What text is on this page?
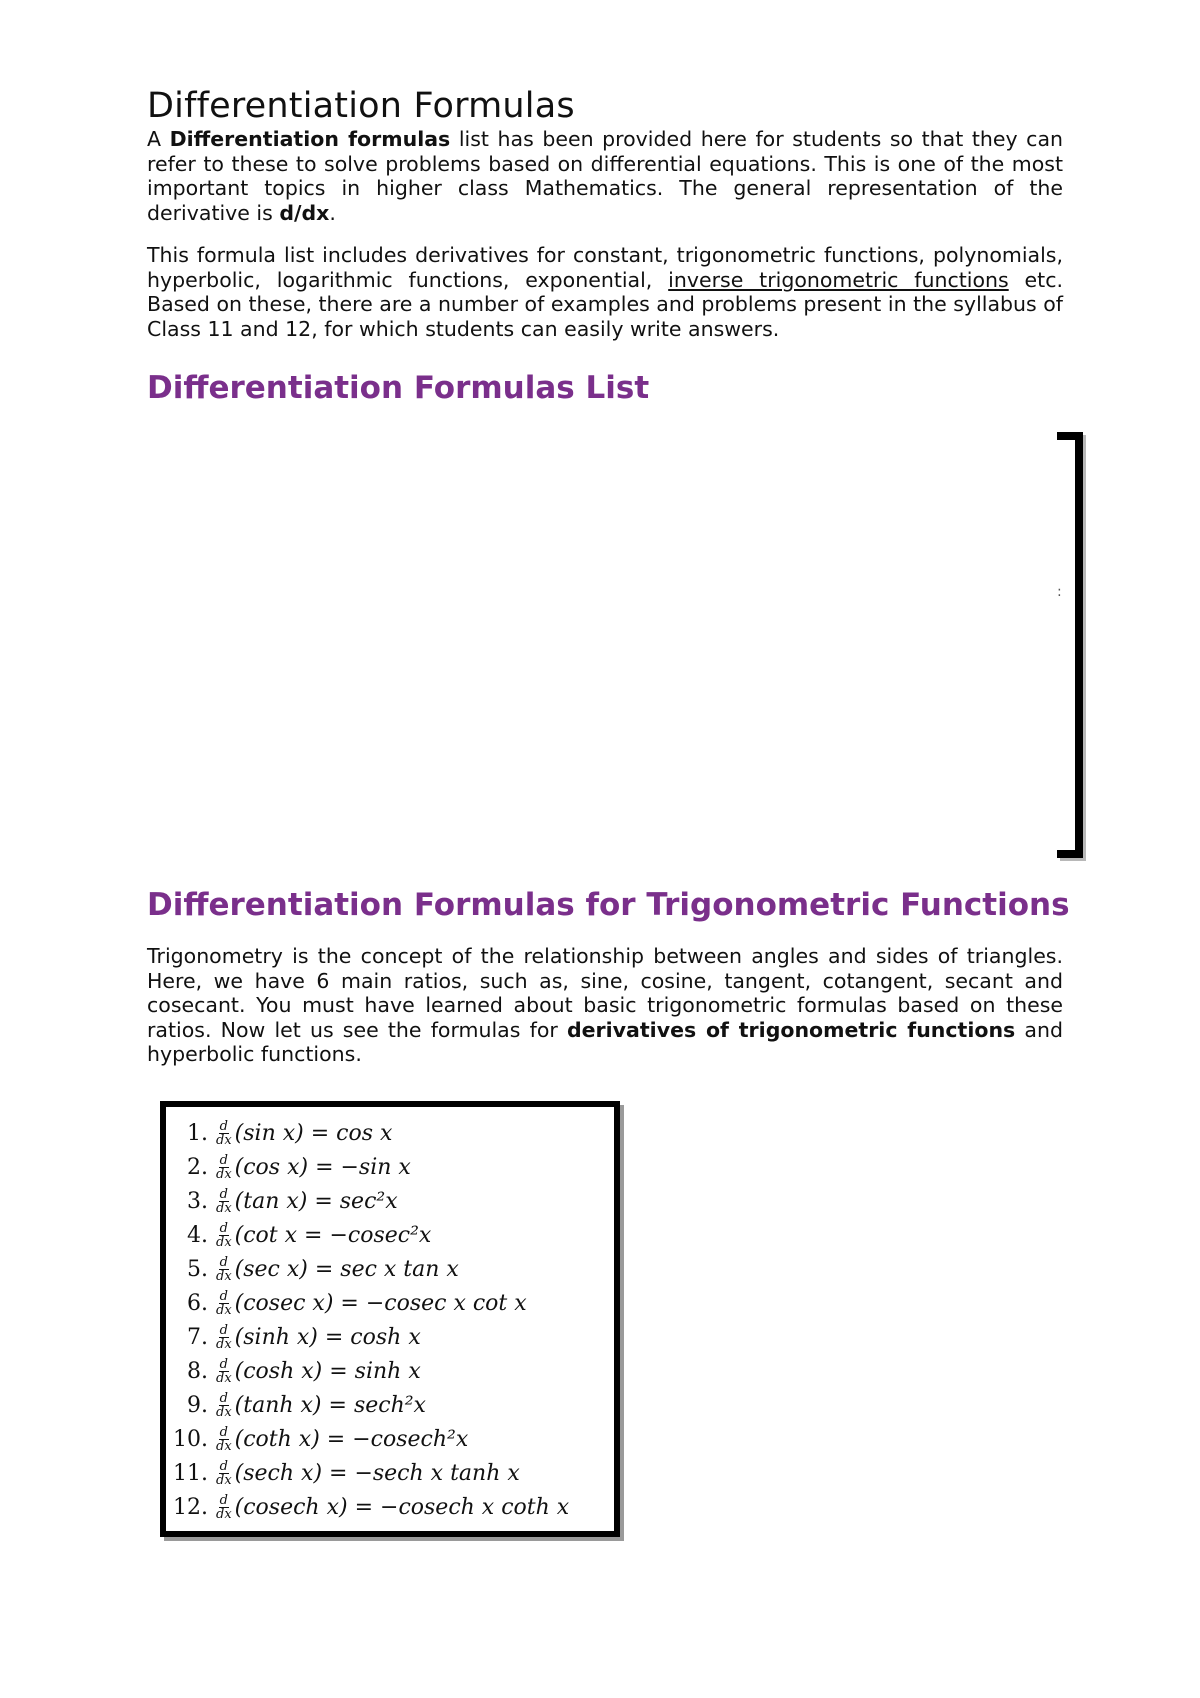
Differentiation Formulas

A Differentiation formulas list has been provided here for students so that they can refer to these to solve problems based on differential equations. This is one of the most important topics in higher class Mathematics. The general representation of the derivative is d/dx.

This formula list includes derivatives for constant, trigonometric functions, polynomials, hyperbolic, logarithmic functions, exponential, inverse trigonometric functions etc. Based on these, there are a number of examples and problems present in the syllabus of Class 11 and 12, for which students can easily write answers.

Differentiation Formulas List
:
Differentiation Formulas for Trigonometric Functions

Trigonometry is the concept of the relationship between angles and sides of triangles. Here, we have 6 main ratios, such as, sine, cosine, tangent, cotangent, secant and cosecant. You must have learned about basic trigonometric formulas based on these ratios. Now let us see the formulas for derivatives of trigonometric functions and hyperbolic functions.

1. $\frac{d}{dx} (\sin$ x) = cos x
2. $\frac{d}{dx} (\cos$ x) = −sin x
3. $\frac{d}{dx} (\tan$ x) = sec²x
4. $\frac{d}{dx} (\cot$ x = −cosec²x
5. $\frac{d}{dx} (\sec$ x) = sec x tan x
6. $\frac{d}{dx} (cosec$ x) = −cosec x cot x
7. $\frac{d}{dx} (\sinh$ x) = cosh x
8. $\frac{d}{dx} (\cosh$ x) = sinh x
9. $\frac{d}{dx} (\tanh$ x) = sech²x
10. $\frac{d}{dx} (\cot h$ x) = −cosech²x
11. $\frac{d}{dx} (\sec h$ x) = −sech x tanh x
12. $\frac{d}{dx} (cosech$ x) = −cosech x coth x
